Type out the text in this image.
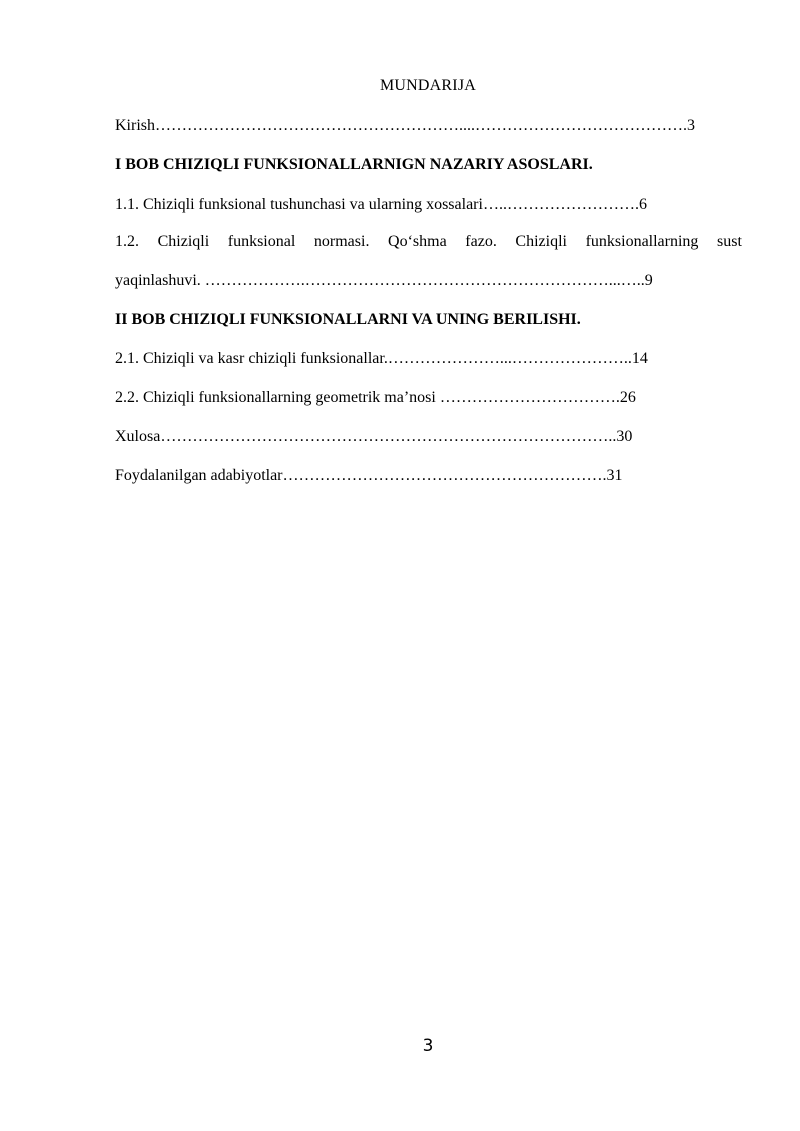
MUNDARIJA
Kirish…………………………………………………....………………………………….3
I BOB CHIZIQLI FUNKSIONALLARNIGN NAZARIY ASOSLARI.
1.1. Chiziqli funksional tushunchasi va ularning xossalari…..…………………….6
1.2. Chiziqli funksional normasi. Qo‘shma fazo. Chiziqli funksionallarning sust
yaqinlashuvi. ……………….…………………………………………………...…..9
II BOB CHIZIQLI FUNKSIONALLARNI VA UNING BERILISHI.
2.1. Chiziqli va kasr chiziqli funksionallar.…………………...…………………..14
2.2. Chiziqli funksionallarning geometrik ma’nosi …………………………….26
Xulosa…………………………………………………………………………..30
Foydalanilgan adabiyotlar…………………………………………………….31
3
